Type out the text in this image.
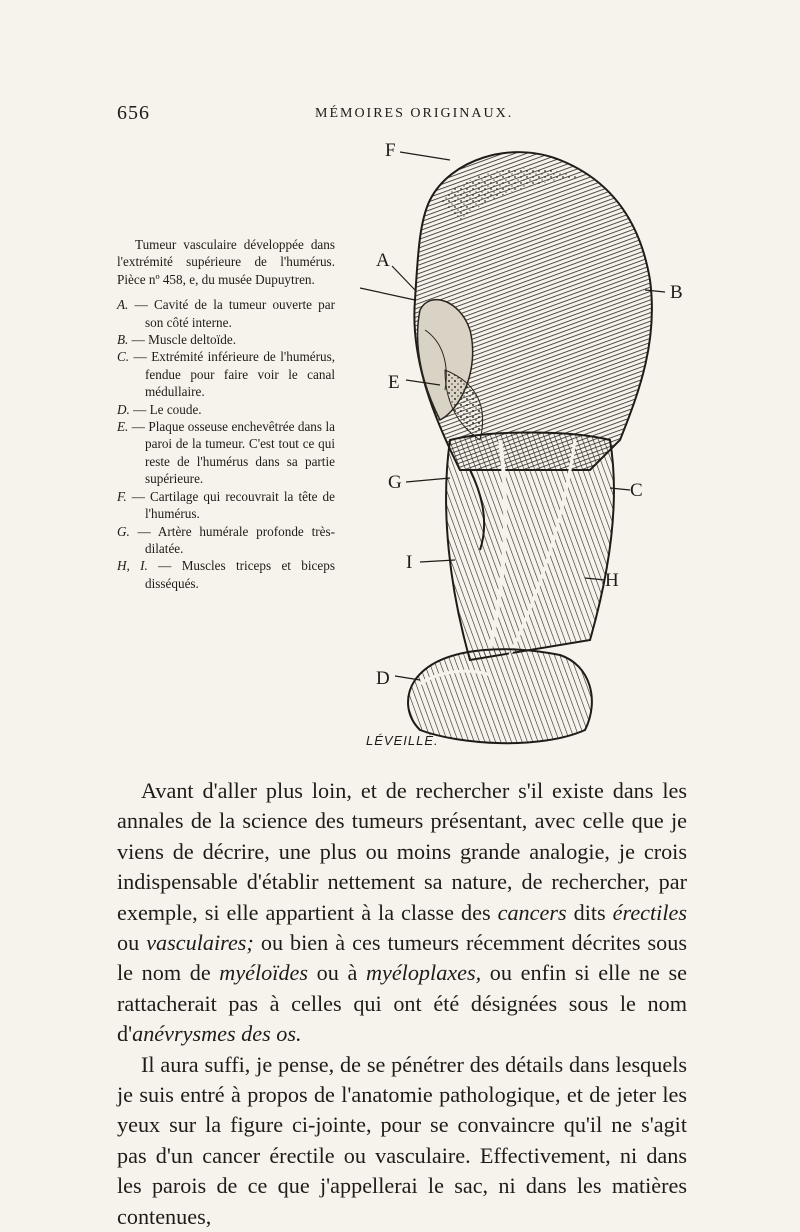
656	MÉMOIRES ORIGINAUX.

Tumeur vasculaire développée dans l'extrémité supérieure de l'humérus. Pièce nº 458, e, du musée Dupuytren.

A. — Cavité de la tumeur ouverte par son côté interne.
B. — Muscle deltoïde.
C. — Extrémité inférieure de l'humérus, fendue pour faire voir le canal médullaire.
D. — Le coude.
E. — Plaque osseuse enchevêtrée dans la paroi de la tumeur. C'est tout ce qui reste de l'humérus dans sa partie supérieure.
F. — Cartilage qui recouvrait la tête de l'humérus.
G. — Artère humérale profonde très-dilatée.
H, I. — Muscles triceps et biceps disséqués.
F
A
B
E
G	C
I
H
D
LÉVEILLÉ.

Avant d'aller plus loin, et de rechercher s'il existe dans les annales de la science des tumeurs présentant, avec celle que je viens de décrire, une plus ou moins grande analogie, je crois indispensable d'établir nettement sa nature, de rechercher, par exemple, si elle appartient à la classe des cancers dits érectiles ou vasculaires; ou bien à ces tumeurs récemment décrites sous le nom de myéloïdes ou à myéloplaxes, ou enfin si elle ne se rattacherait pas à celles qui ont été désignées sous le nom d'anévrysmes des os.

Il aura suffi, je pense, de se pénétrer des détails dans lesquels je suis entré à propos de l'anatomie pathologique, et de jeter les yeux sur la figure ci-jointe, pour se convaincre qu'il ne s'agit pas d'un cancer érectile ou vasculaire. Effectivement, ni dans les parois de ce que j'appellerai le sac, ni dans les matières contenues,
